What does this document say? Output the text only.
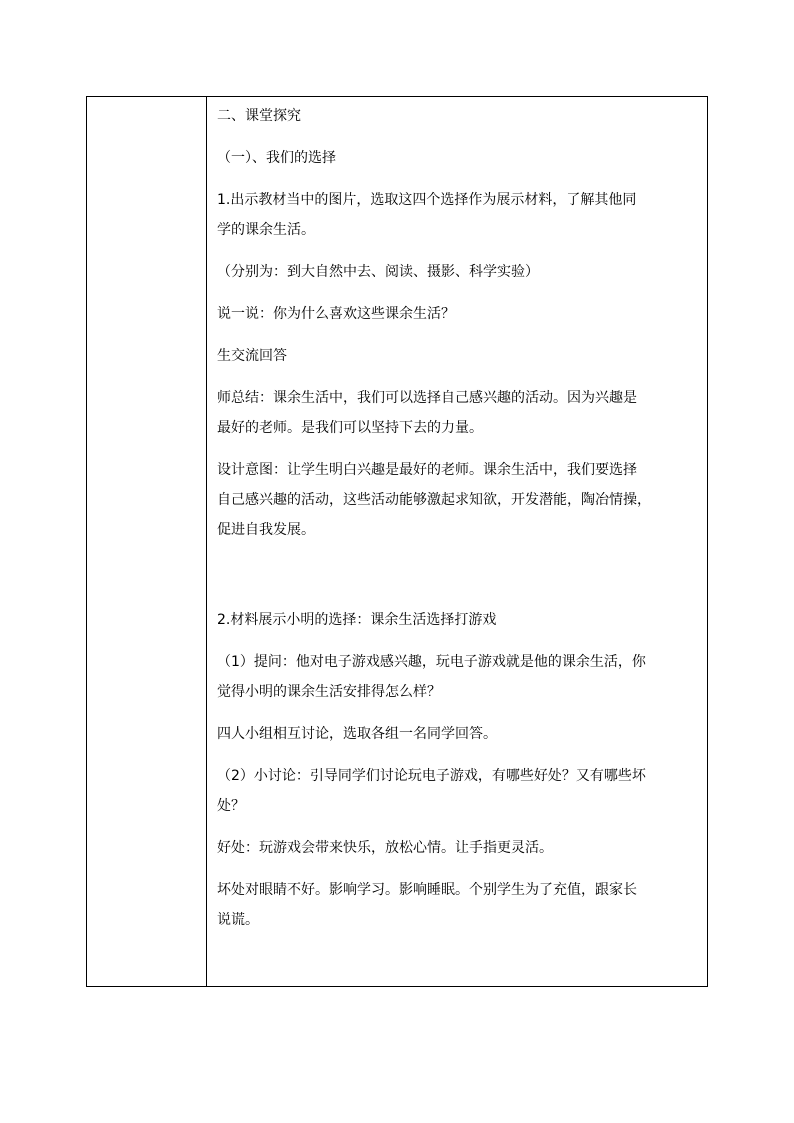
二、课堂探究
（一）、我们的选择
1.出示教材当中的图片，选取这四个选择作为展示材料，了解其他同
学的课余生活。
（分别为：到大自然中去、阅读、摄影、科学实验）
说一说：你为什么喜欢这些课余生活？
生交流回答
师总结：课余生活中，我们可以选择自己感兴趣的活动。因为兴趣是
最好的老师。是我们可以坚持下去的力量。
设计意图：让学生明白兴趣是最好的老师。课余生活中，我们要选择
自己感兴趣的活动，这些活动能够激起求知欲，开发潜能，陶冶情操，
促进自我发展。
2.材料展示小明的选择：课余生活选择打游戏
（1）提问：他对电子游戏感兴趣，玩电子游戏就是他的课余生活，你
觉得小明的课余生活安排得怎么样？
四人小组相互讨论，选取各组一名同学回答。
（2）小讨论：引导同学们讨论玩电子游戏，有哪些好处？又有哪些坏
处？
好处：玩游戏会带来快乐，放松心情。让手指更灵活。
坏处对眼睛不好。影响学习。影响睡眠。个别学生为了充值，跟家长
说谎。
